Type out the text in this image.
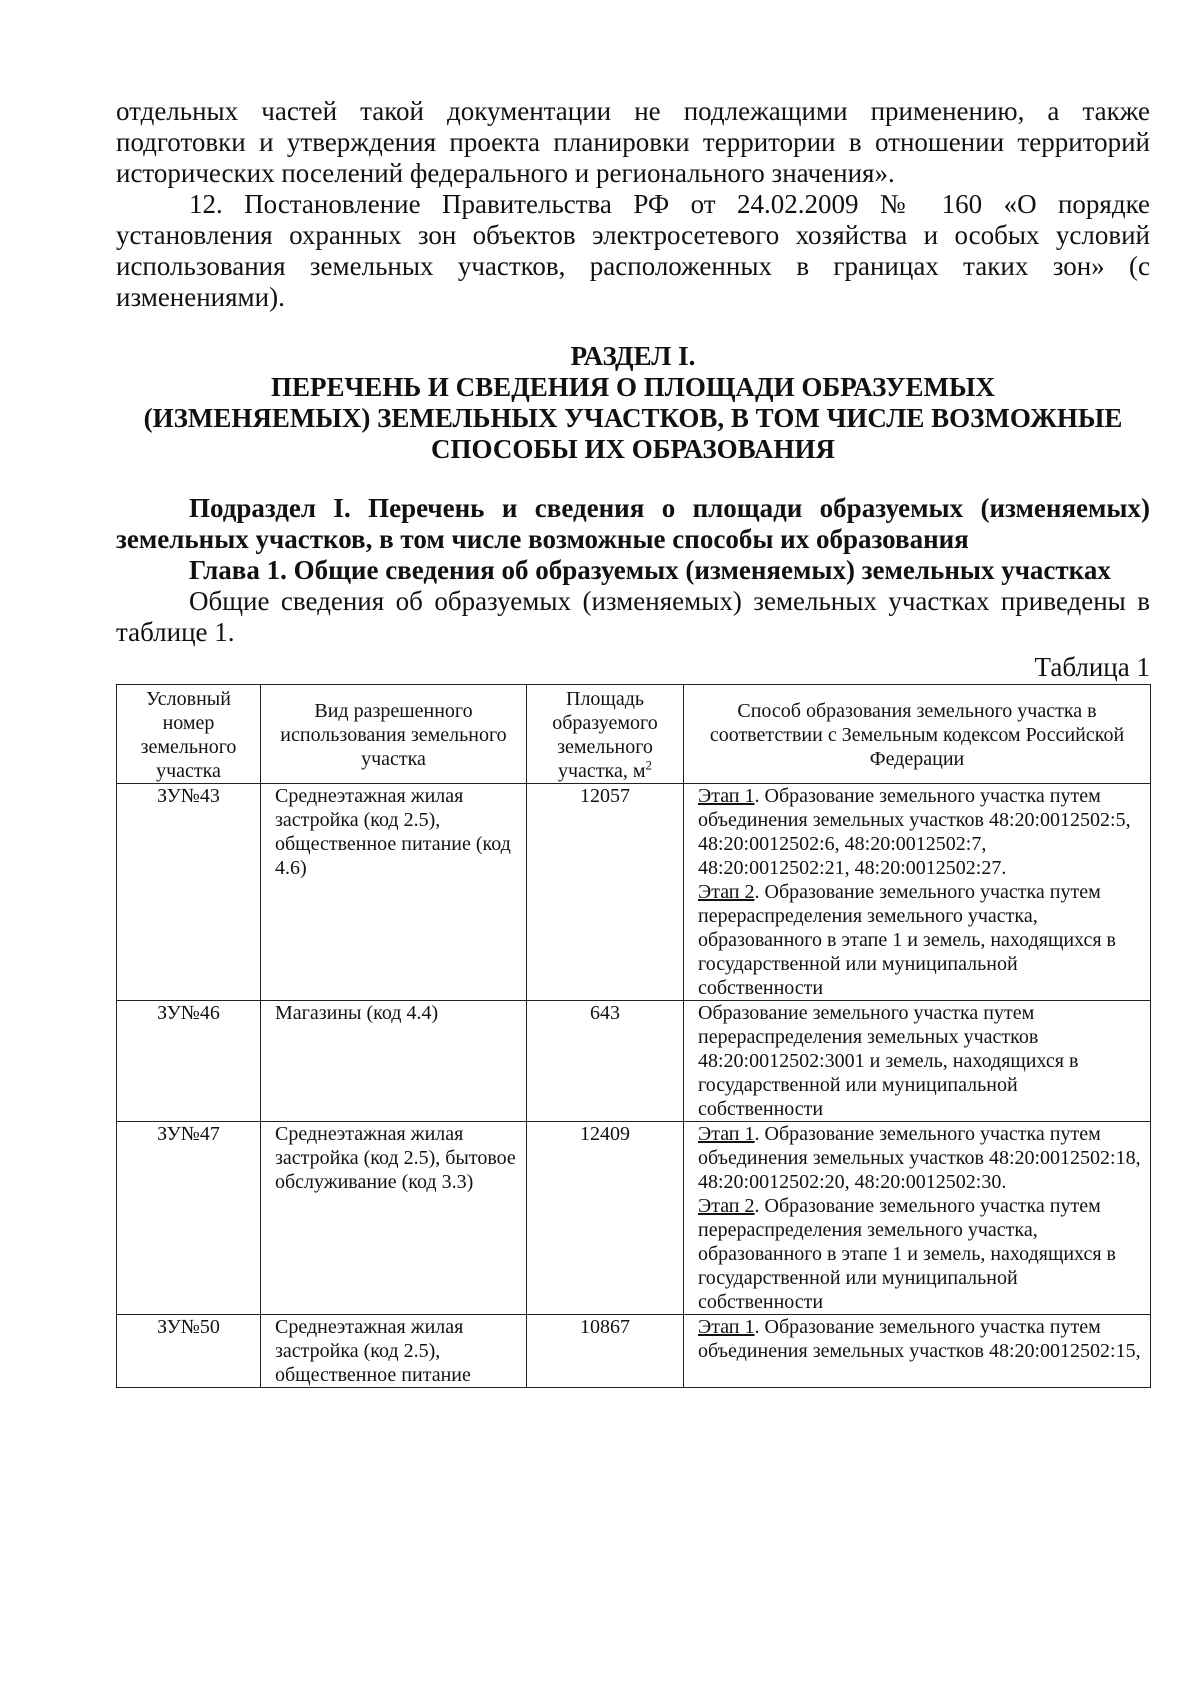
отдельных частей такой документации не подлежащими применению, а также подготовки и утверждения проекта планировки территории в отношении территорий исторических поселений федерального и регионального значения».

12. Постановление Правительства РФ от 24.02.2009 № 160 «О порядке установления охранных зон объектов электросетевого хозяйства и особых условий использования земельных участков, расположенных в границах таких зон» (с изменениями).

РАЗДЕЛ I.

ПЕРЕЧЕНЬ И СВЕДЕНИЯ О ПЛОЩАДИ ОБРАЗУЕМЫХ

(ИЗМЕНЯЕМЫХ) ЗЕМЕЛЬНЫХ УЧАСТКОВ, В ТОМ ЧИСЛЕ ВОЗМОЖНЫЕ

СПОСОБЫ ИХ ОБРАЗОВАНИЯ

Подраздел I. Перечень и сведения о площади образуемых (изменяемых) земельных участков, в том числе возможные способы их образования

Глава 1. Общие сведения об образуемых (изменяемых) земельных участках

Общие сведения об образуемых (изменяемых) земельных участках приведены в таблице 1.

Таблица 1

Условный номер земельного участка	Вид разрешенного использования земельного участка	Площадь образуемого земельного участка, $м^2$	Способ образования земельного участка в соответствии с Земельным кодексом Российской Федерации
ЗУ№43	Среднеэтажная жилая застройка (код 2.5), общественное питание (код 4.6)	12057	Этап 1. Образование земельного участка путем объединения земельных участков 48:20:0012502:5, 48:20:0012502:6, 48:20:0012502:7, 48:20:0012502:21, 48:20:0012502:27.
Этап 2. Образование земельного участка путем перераспределения земельного участка, образованного в этапе 1 и земель, находящихся в государственной или муниципальной собственности
ЗУ№46	Магазины (код 4.4)	643	Образование земельного участка путем перераспределения земельных участков 48:20:0012502:3001 и земель, находящихся в государственной или муниципальной собственности
ЗУ№47	Среднеэтажная жилая застройка (код 2.5), бытовое обслуживание (код 3.3)	12409	Этап 1. Образование земельного участка путем объединения земельных участков 48:20:0012502:18, 48:20:0012502:20, 48:20:0012502:30.
Этап 2. Образование земельного участка путем перераспределения земельного участка, образованного в этапе 1 и земель, находящихся в государственной или муниципальной собственности
ЗУ№50	Среднеэтажная жилая застройка (код 2.5), общественное питание	10867	Этап 1. Образование земельного участка путем объединения земельных участков 48:20:0012502:15,
